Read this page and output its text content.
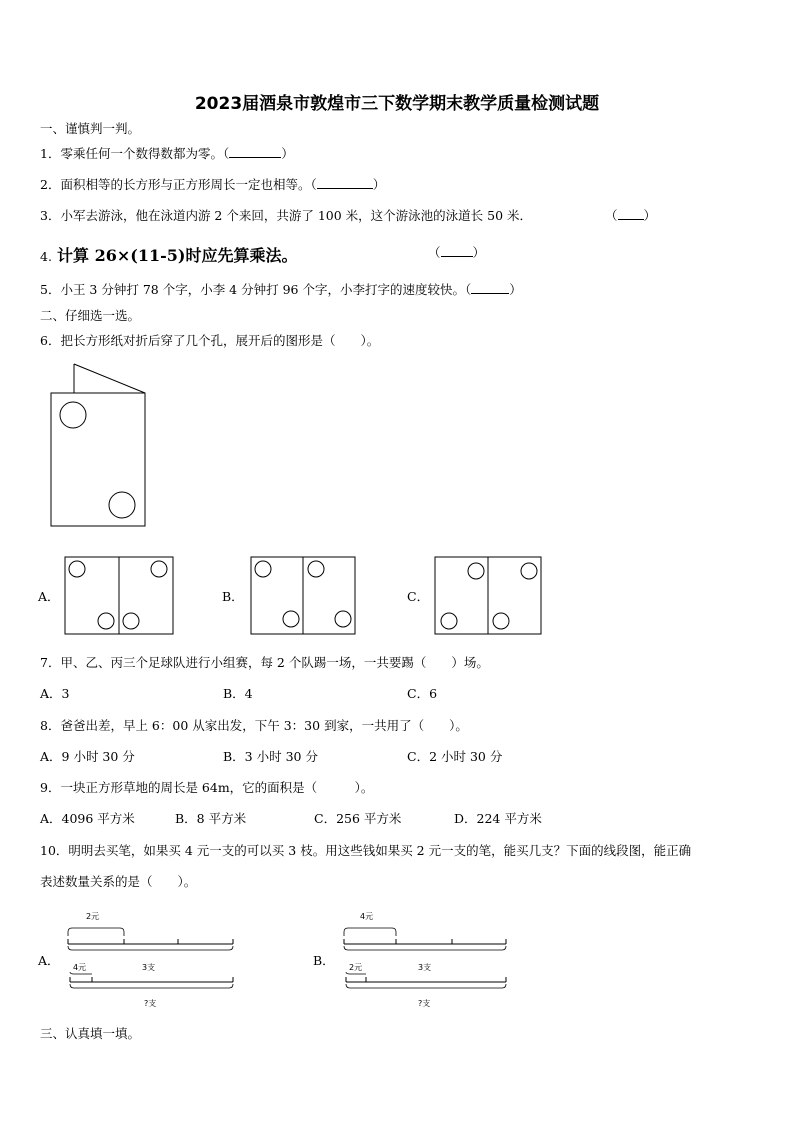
2023届酒泉市敦煌市三下数学期末教学质量检测试题
一、谨慎判一判。
1．零乘任何一个数得数都为零。（	）
2．面积相等的长方形与正方形周长一定也相等。（	）
3．小军去游泳，他在泳道内游 2 个来回，共游了 100 米，这个游泳池的泳道长 50 米．	（ ）
4. 计算 26×(11-5)时应先算乘法。	（	）
5．小王 3 分钟打 78 个字，小李 4 分钟打 96 个字，小李打字的速度较快。（	）
二、仔细选一选。
6．把长方形纸对折后穿了几个孔，展开后的图形是（　　）。
A．	B．	C．
7．甲、乙、丙三个足球队进行小组赛，每 2 个队踢一场，一共要踢（　　）场。
A．3	B．4	C．6
8．爸爸出差，早上 6：00 从家出发，下午 3：30 到家，一共用了（　　）。
A．9 小时 30 分	B．3 小时 30 分	C．2 小时 30 分
9．一块正方形草地的周长是 64m，它的面积是（　　　）。
A．4096 平方米	B．8 平方米	C．256 平方米	D．224 平方米
10．明明去买笔，如果买 4 元一支的可以买 3 枝。用这些钱如果买 2 元一支的笔，能买几支？下面的线段图，能正确
表述数量关系的是（　　）。
A．
2元
3支
4元
?支
B．
4元
3支
2元
?支
三、认真填一填。
